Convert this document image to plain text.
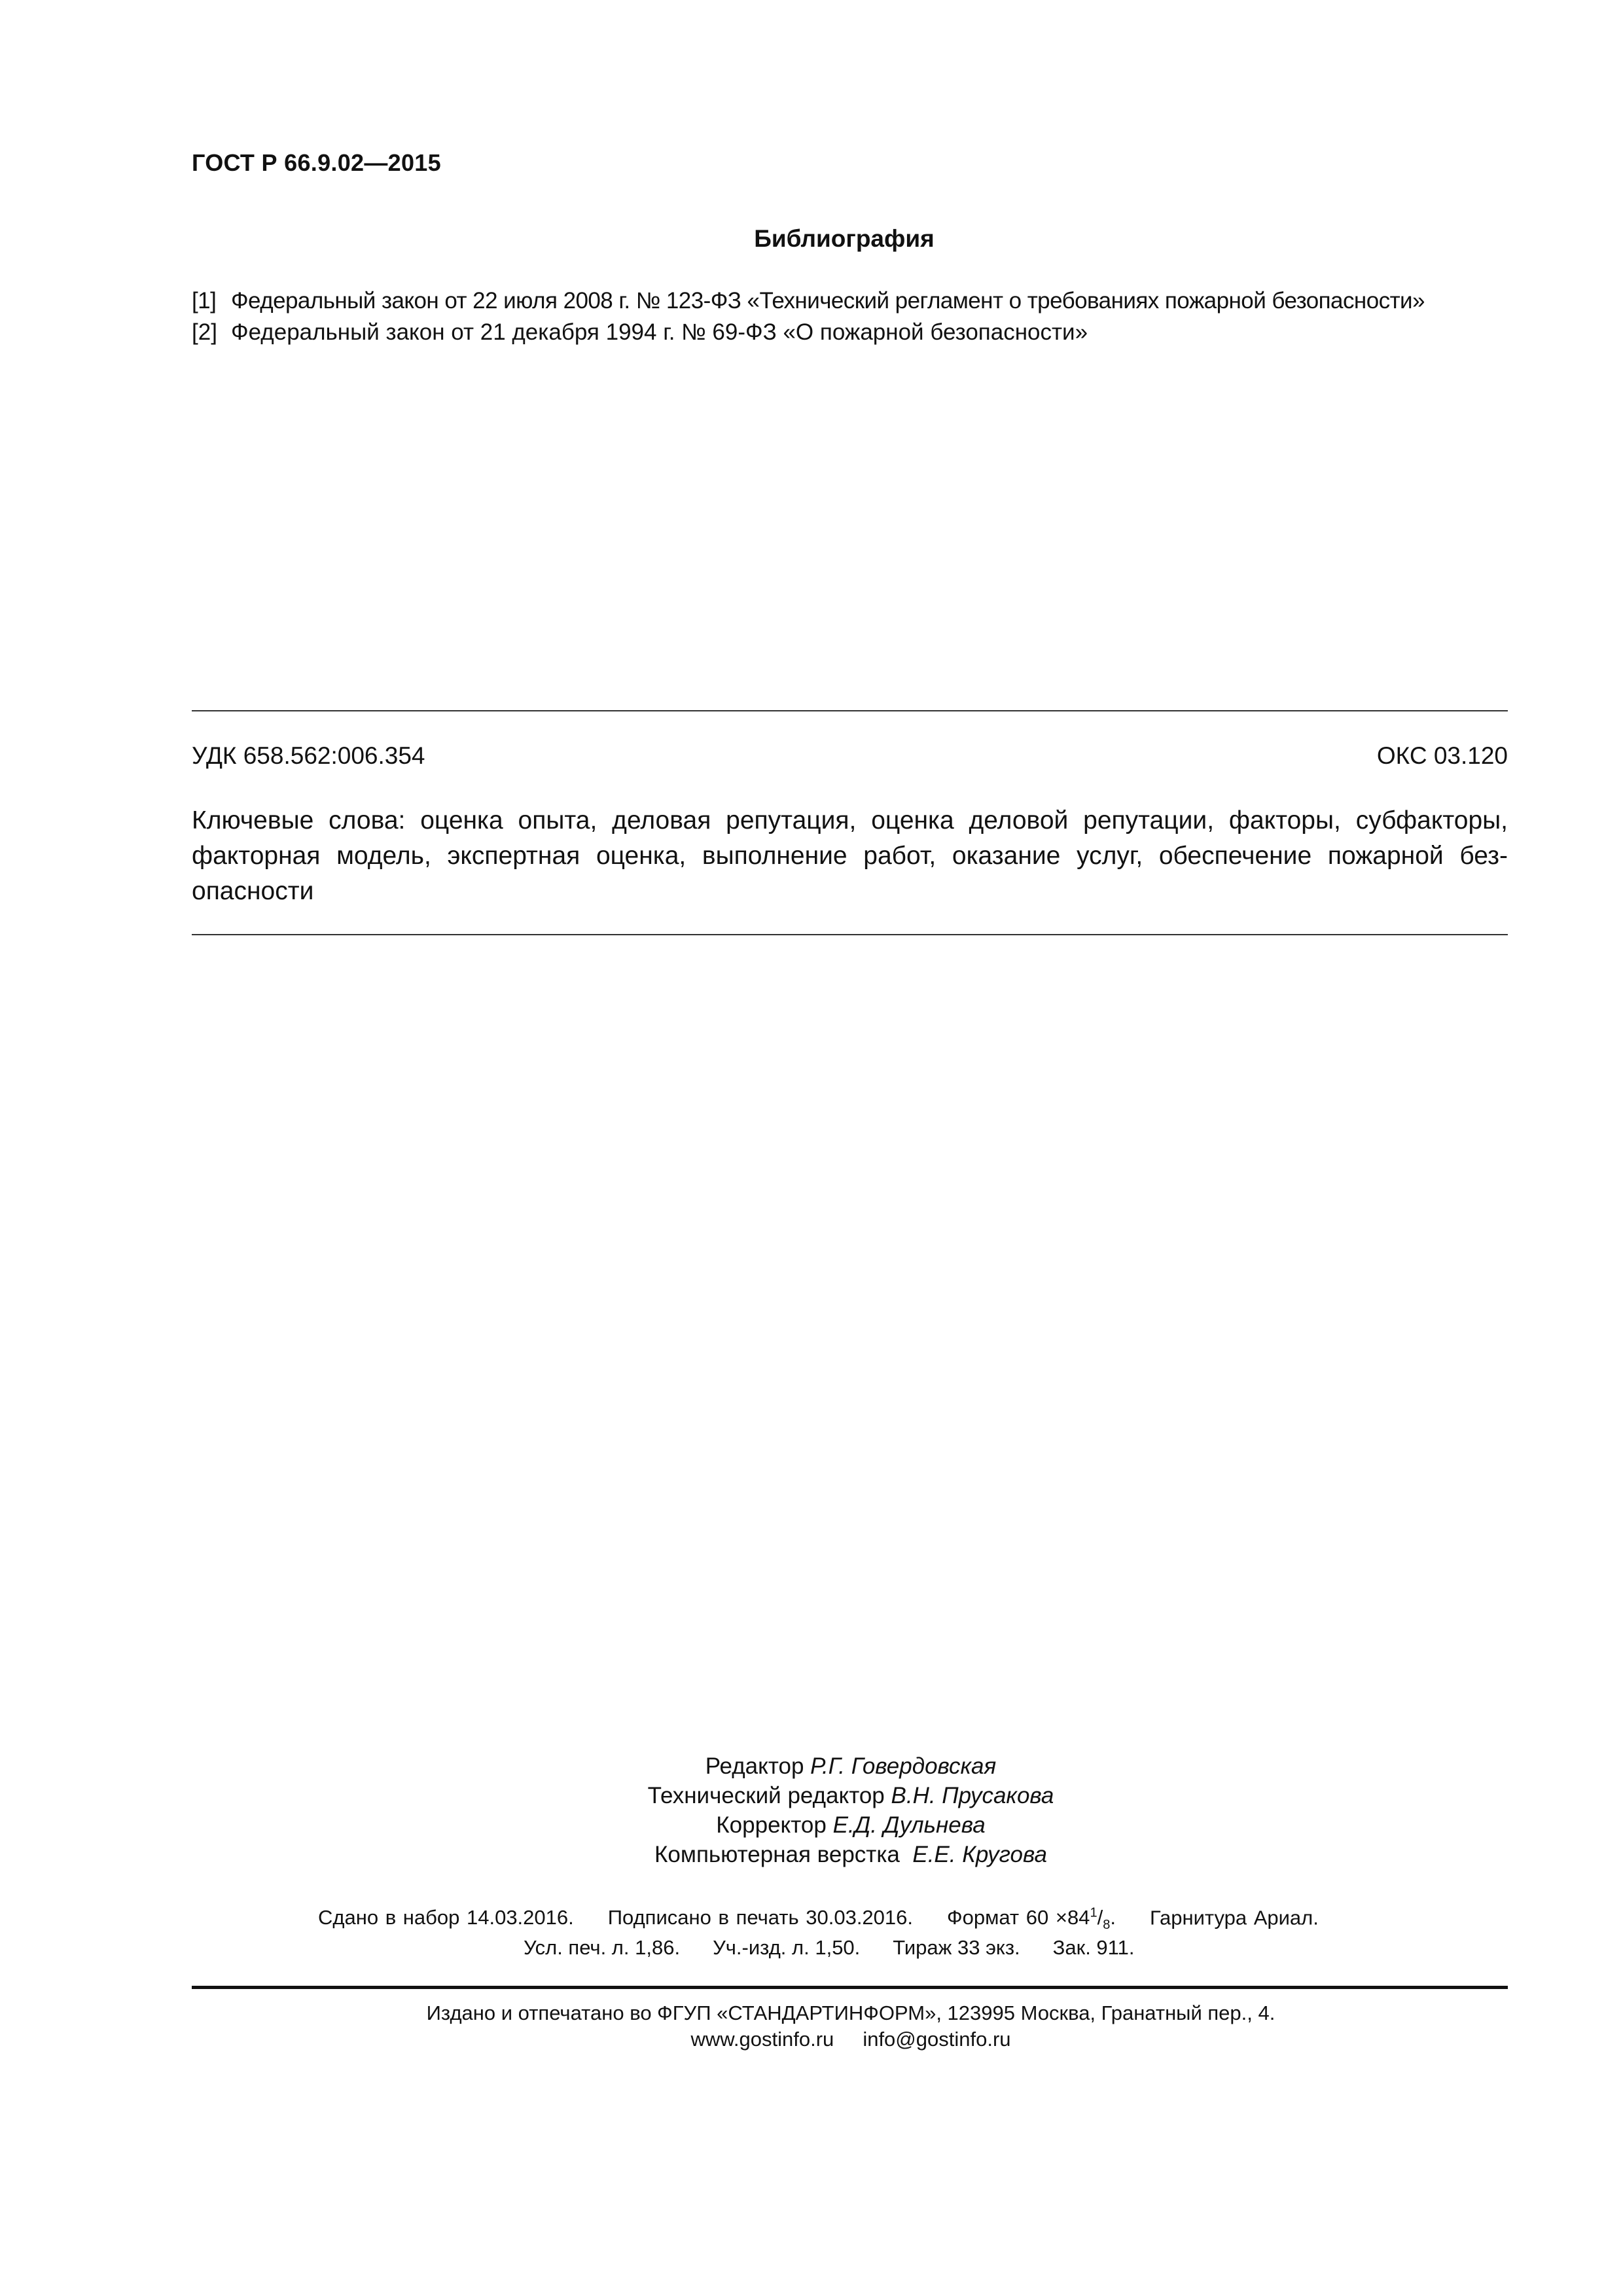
ГОСТ Р 66.9.02—2015
Библиография
[1] Федеральный закон от 22 июля 2008 г. № 123-ФЗ «Технический регламент о требованиях пожарной безопасности»
[2] Федеральный закон от 21 декабря 1994 г. № 69-ФЗ «О пожарной безопасности»
УДК 658.562:006.354	ОКС 03.120
Ключевые слова: оценка опыта, деловая репутация, оценка деловой репутации, факторы, субфакторы,
факторная модель, экспертная оценка, выполнение работ, оказание услуг, обеспечение пожарной без-
опасности
Редактор Р.Г. Говердовская
Технический редактор В.Н. Прусакова
Корректор Е.Д. Дульнева
Компьютерная верстка Е.Е. Кругова
Сдано в набор 14.03.2016. Подписано в печать 30.03.2016. Формат $60 \times 84^1/_8$. Гарнитура Ариал.
Усл. печ. л. 1,86. Уч.-изд. л. 1,50. Тираж 33 экз. Зак. 911.
Издано и отпечатано во ФГУП «СТАНДАРТИНФОРМ», 123995 Москва, Гранатный пер., 4.
www.gostinfo.ru info@gostinfo.ru
